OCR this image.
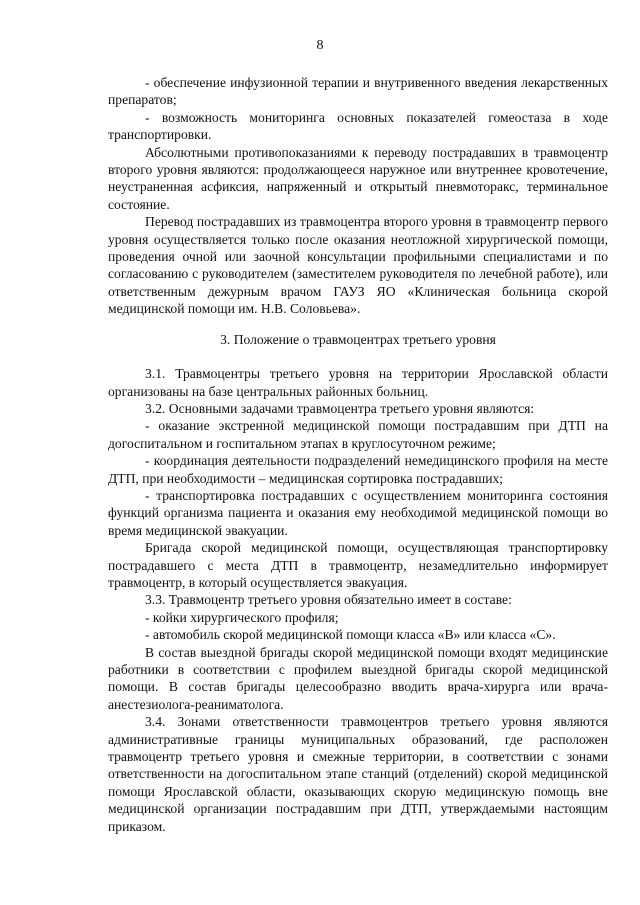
8

- обеспечение инфузионной терапии и внутривенного введения лекарственных препаратов;

- возможность мониторинга основных показателей гомеостаза в ходе транспортировки.

Абсолютными противопоказаниями к переводу пострадавших в травмоцентр второго уровня являются: продолжающееся наружное или внутреннее кровотечение, неустраненная асфиксия, напряженный и открытый пневмоторакс, терминальное состояние.

Перевод пострадавших из травмоцентра второго уровня в травмоцентр первого уровня осуществляется только после оказания неотложной хирургической помощи, проведения очной или заочной консультации профильными специалистами и по согласованию с руководителем (заместителем руководителя по лечебной работе), или ответственным дежурным врачом ГАУЗ ЯО «Клиническая больница скорой медицинской помощи им. Н.В. Соловьева».

3. Положение о травмоцентрах третьего уровня

3.1. Травмоцентры третьего уровня на территории Ярославской области организованы на базе центральных районных больниц.

3.2. Основными задачами травмоцентра третьего уровня являются:

- оказание экстренной медицинской помощи пострадавшим при ДТП на догоспитальном и госпитальном этапах в круглосуточном режиме;

- координация деятельности подразделений немедицинского профиля на месте ДТП, при необходимости – медицинская сортировка пострадавших;

- транспортировка пострадавших с осуществлением мониторинга состояния функций организма пациента и оказания ему необходимой медицинской помощи во время медицинской эвакуации.

Бригада скорой медицинской помощи, осуществляющая транспортировку пострадавшего с места ДТП в травмоцентр, незамедлительно информирует травмоцентр, в который осуществляется эвакуация.

3.3. Травмоцентр третьего уровня обязательно имеет в составе:

- койки хирургического профиля;

- автомобиль скорой медицинской помощи класса «В» или класса «С».

В состав выездной бригады скорой медицинской помощи входят медицинские работники в соответствии с профилем выездной бригады скорой медицинской помощи. В состав бригады целесообразно вводить врача-хирурга или врача-анестезиолога-реаниматолога.

3.4. Зонами ответственности травмоцентров третьего уровня являются административные границы муниципальных образований, где расположен травмоцентр третьего уровня и смежные территории, в соответствии с зонами ответственности на догоспитальном этапе станций (отделений) скорой медицинской помощи Ярославской области, оказывающих скорую медицинскую помощь вне медицинской организации пострадавшим при ДТП, утверждаемыми настоящим приказом.
